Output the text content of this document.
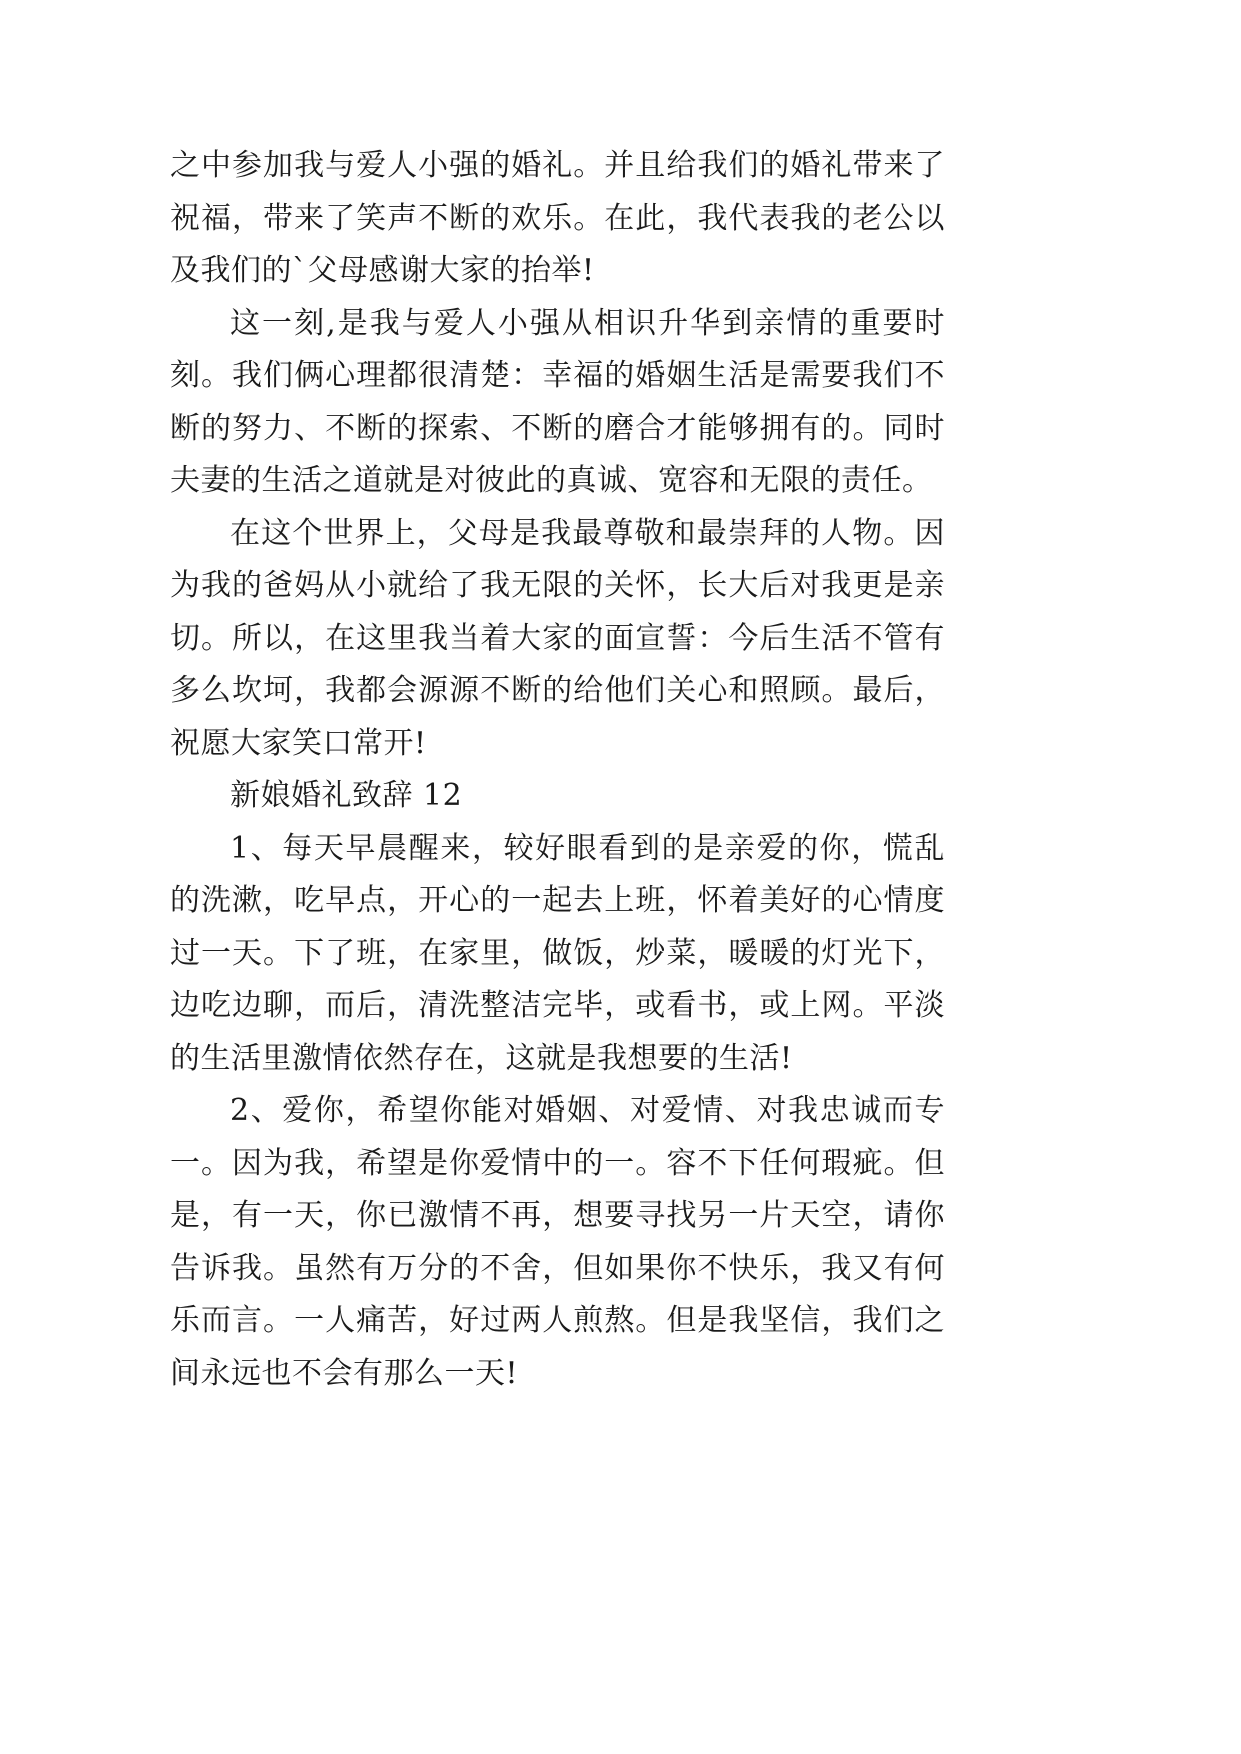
之中参加我与爱人小强的婚礼。并且给我们的婚礼带来了祝福，带来了笑声不断的欢乐。在此，我代表我的老公以及我们的`父母感谢大家的抬举!

这一刻,是我与爱人小强从相识升华到亲情的重要时刻。我们俩心理都很清楚：幸福的婚姻生活是需要我们不断的努力、不断的探索、不断的磨合才能够拥有的。同时夫妻的生活之道就是对彼此的真诚、宽容和无限的责任。

在这个世界上，父母是我最尊敬和最崇拜的人物。因为我的爸妈从小就给了我无限的关怀，长大后对我更是亲切。所以，在这里我当着大家的面宣誓：今后生活不管有多么坎坷，我都会源源不断的给他们关心和照顾。最后，祝愿大家笑口常开!

新娘婚礼致辞 12

1、每天早晨醒来，较好眼看到的是亲爱的你，慌乱的洗漱，吃早点，开心的一起去上班，怀着美好的心情度过一天。下了班，在家里，做饭，炒菜，暖暖的灯光下，边吃边聊，而后，清洗整洁完毕，或看书，或上网。平淡的生活里激情依然存在，这就是我想要的生活!

2、爱你，希望你能对婚姻、对爱情、对我忠诚而专一。因为我，希望是你爱情中的一。容不下任何瑕疵。但是，有一天，你已激情不再，想要寻找另一片天空，请你告诉我。虽然有万分的不舍，但如果你不快乐，我又有何乐而言。一人痛苦，好过两人煎熬。但是我坚信，我们之间永远也不会有那么一天!
